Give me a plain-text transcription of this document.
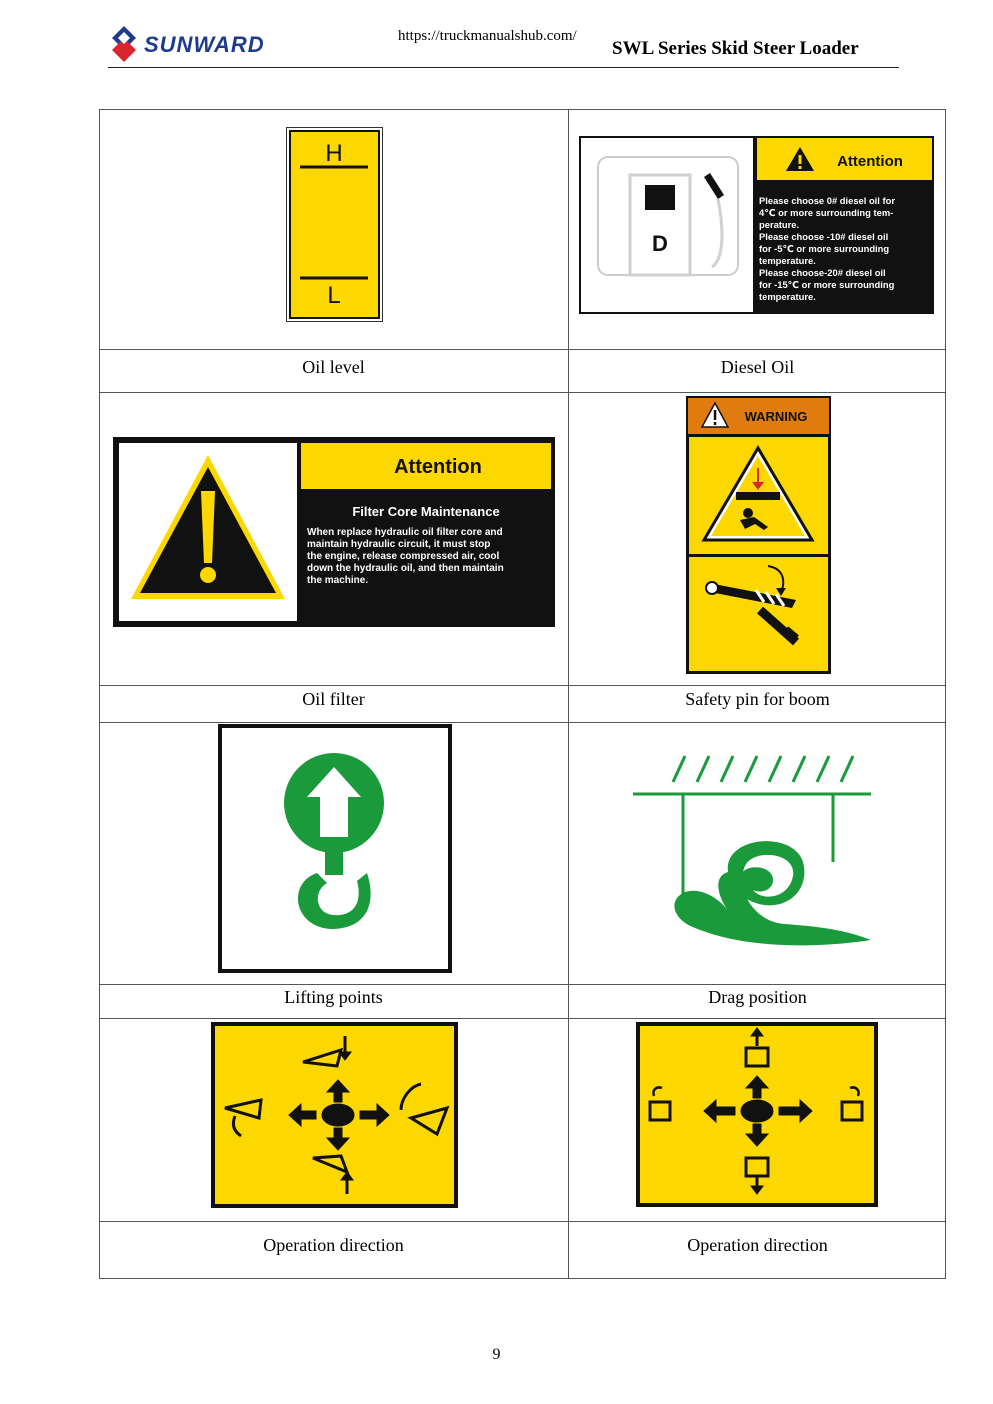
SUNWARD	https://truckmanualshub.com/
SWL Series Skid Steer Loader
H
L
D
Attention
Please choose 0# diesel oil for
4℃ or more surrounding tem-
perature.
Please choose -10# diesel oil
for -5℃ or more surrounding
temperature.
Please choose-20# diesel oil
for -15℃ or more surrounding
temperature.
Oil level	Diesel Oil
Attention
Filter Core Maintenance
When replace hydraulic oil filter core and
maintain hydraulic circuit, it must stop
the engine, release compressed air, cool
down the hydraulic oil, and then maintain
the machine.
WARNING
Oil filter	Safety pin for boom
Lifting points	Drag position
Operation direction	Operation direction
9
